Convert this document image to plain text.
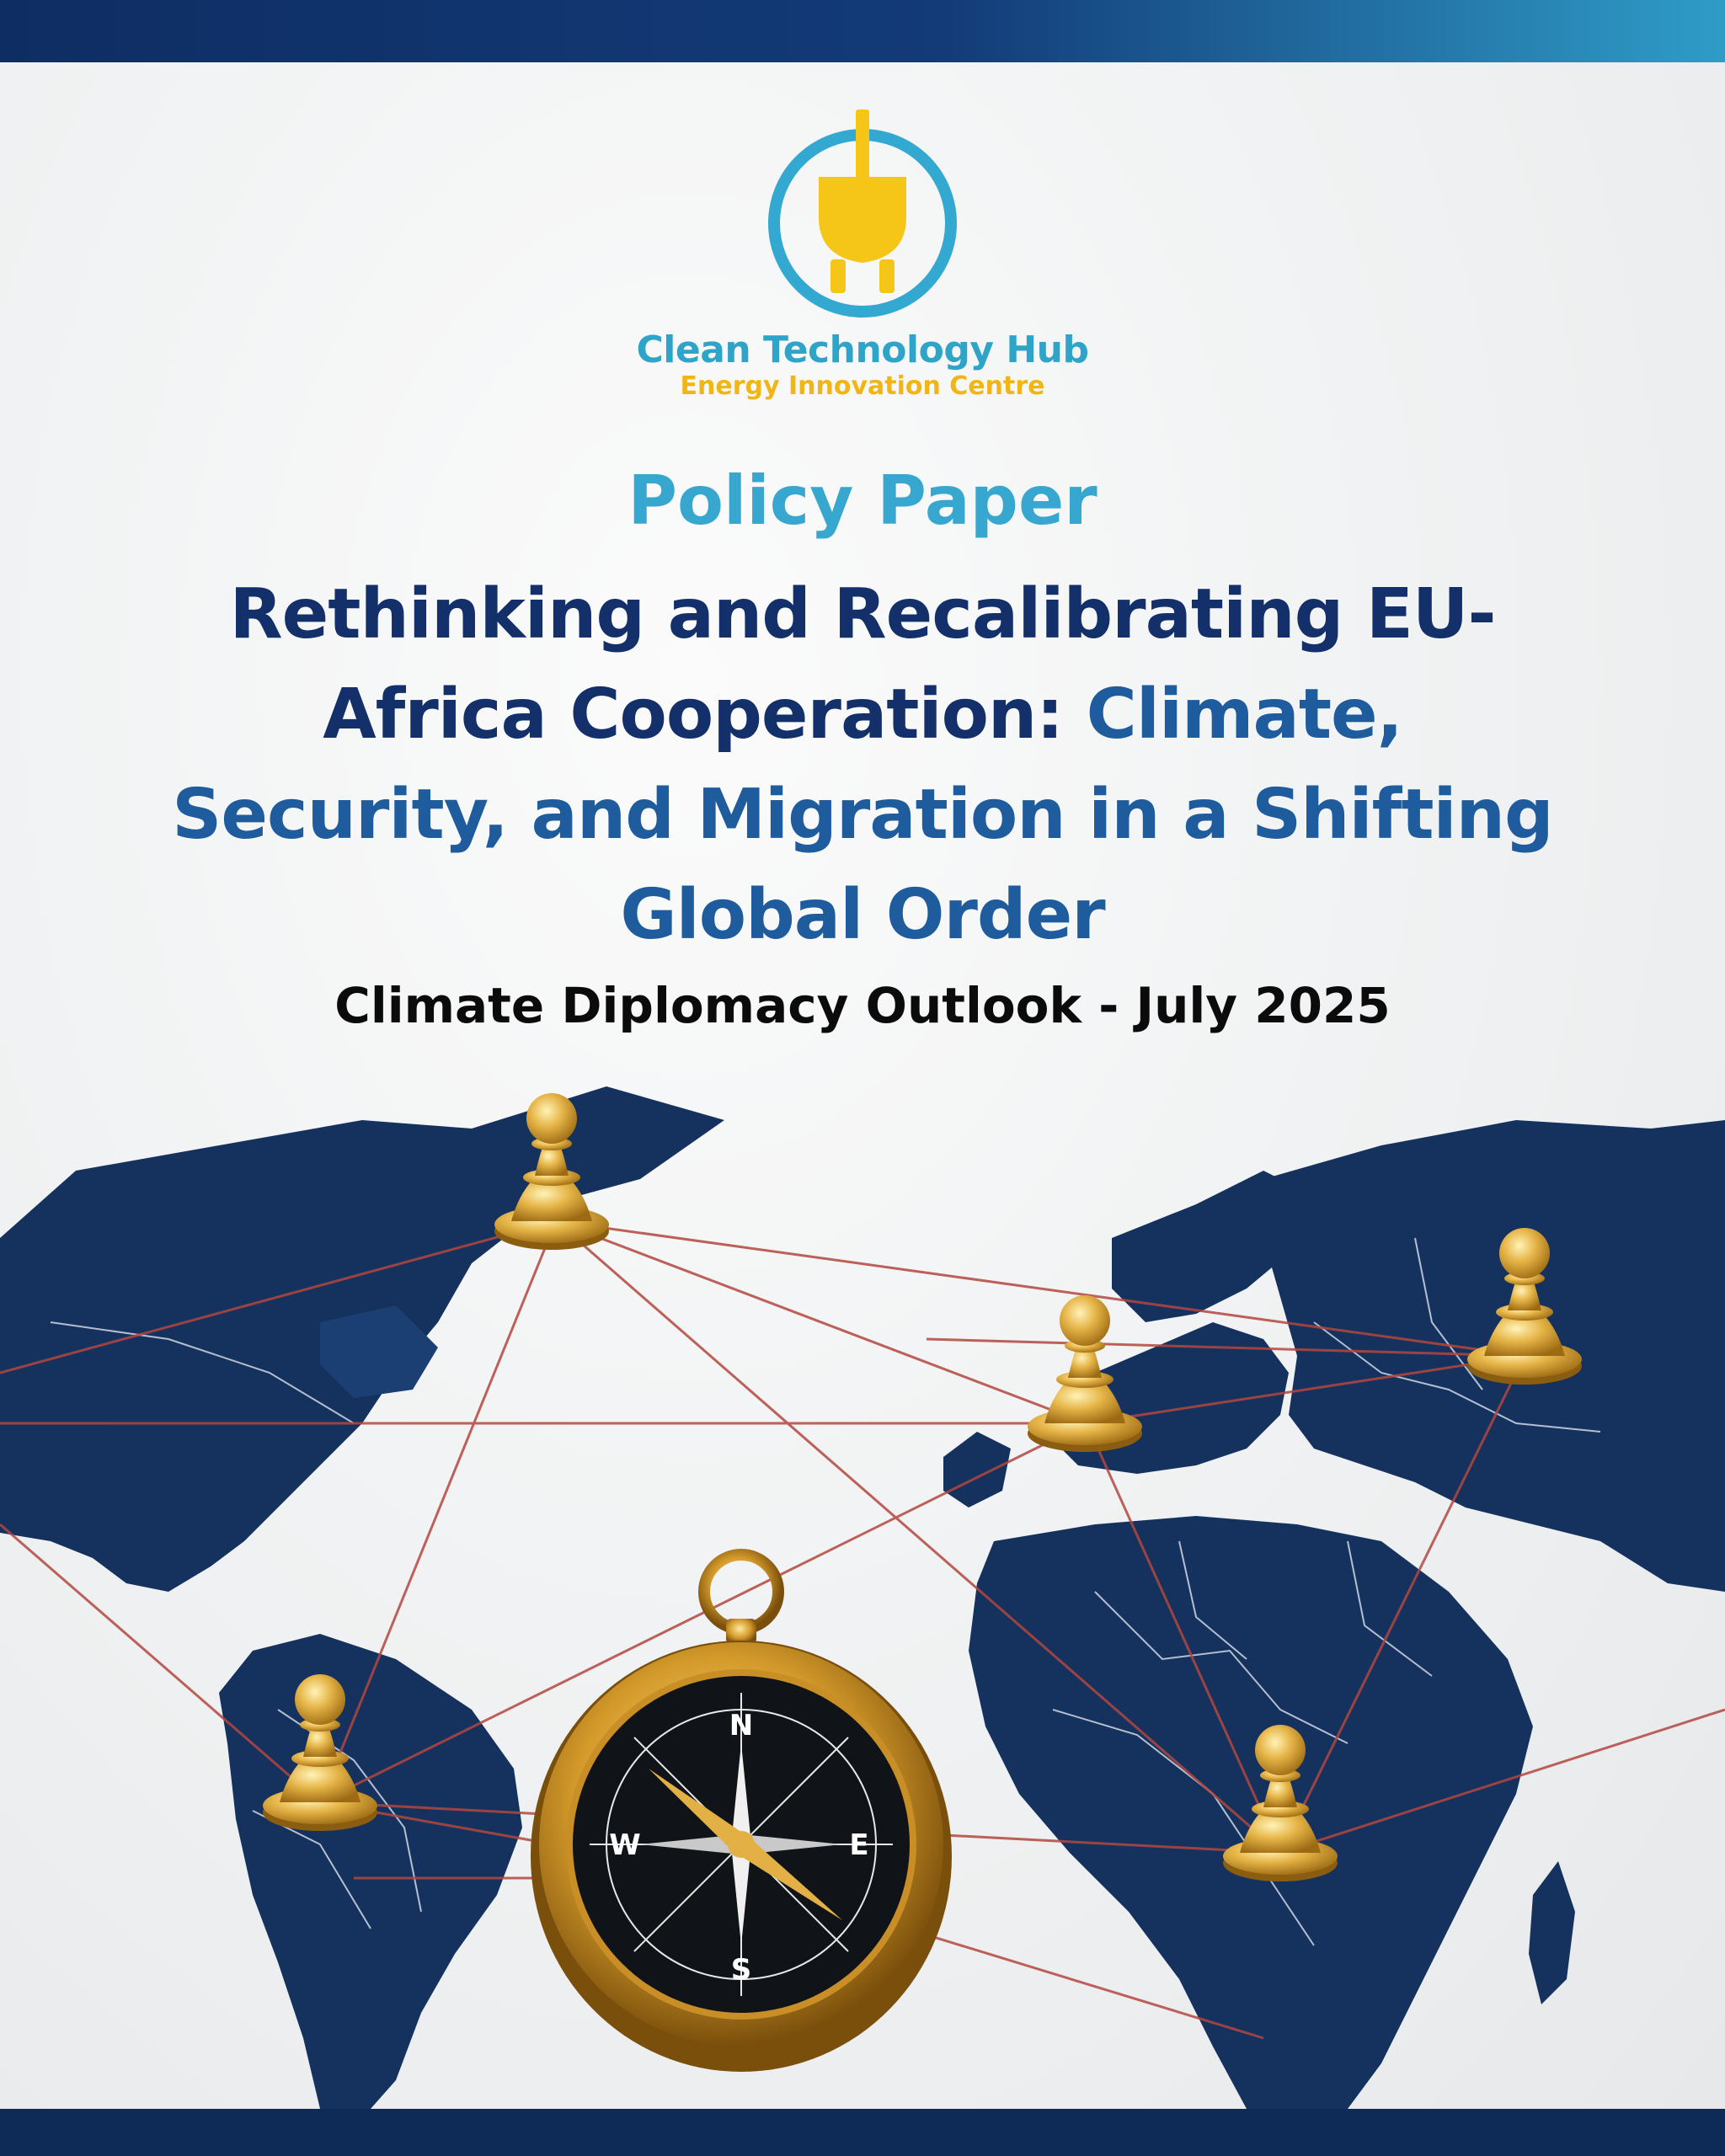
Clean Technology Hub
Energy Innovation Centre
Policy Paper
Rethinking and Recalibrating EU-Africa Cooperation: Climate, Security, and Migration in a Shifting Global Order
Climate Diplomacy Outlook - July 2025
N
S
E
W
